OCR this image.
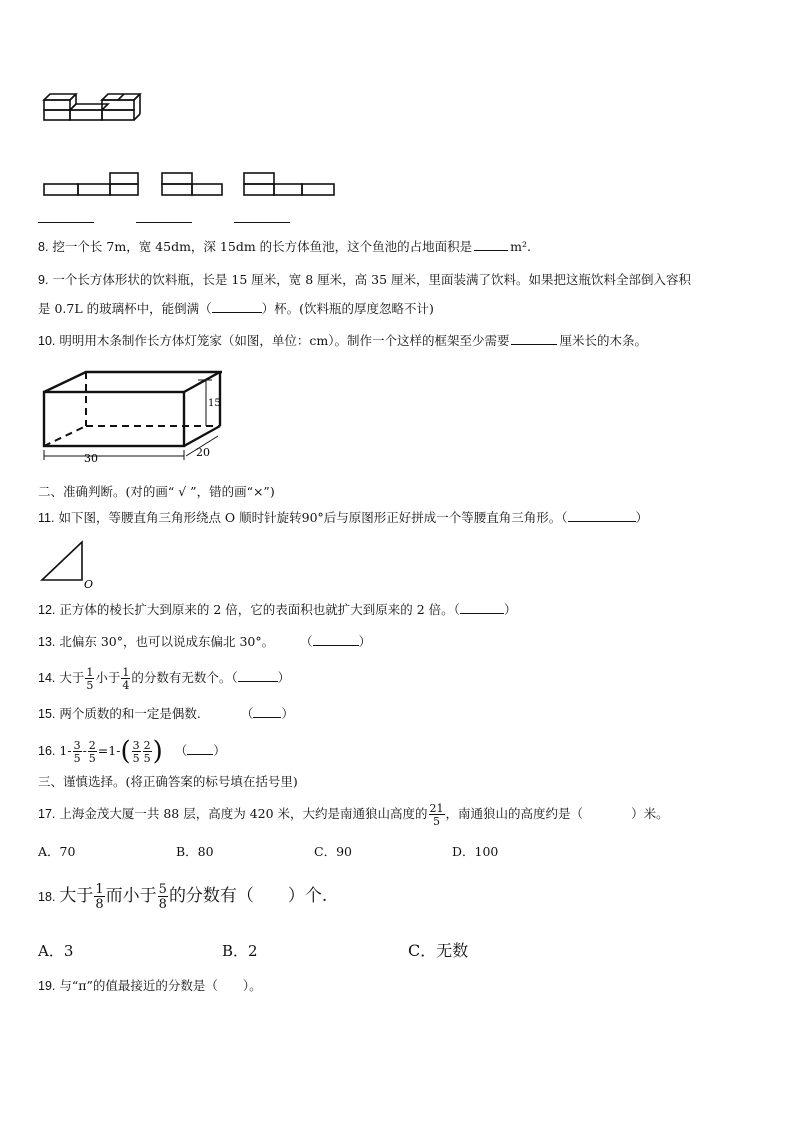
8. 挖一个长 7m，宽 45dm，深 15dm 的长方体鱼池，这个鱼池的占地面积是	m².
9. 一个长方体形状的饮料瓶，长是 15 厘米，宽 8 厘米，高 35 厘米，里面装满了饮料。如果把这瓶饮料全部倒入容积
是 0.7L 的玻璃杯中，能倒满（	）杯。(饮料瓶的厚度忽略不计)
10. 明明用木条制作长方体灯笼家（如图，单位：cm）。制作一个这样的框架至少需要	厘米长的木条。
15
30	20
二、准确判断。(对的画“ √ ”，错的画“×”)
11. 如下图，等腰直角三角形绕点 O 顺时针旋转90°后与原图形正好拼成一个等腰直角三角形。（	）
O
12. 正方体的棱长扩大到原来的 2 倍，它的表面积也就扩大到原来的 2 倍。（	）
13. 北偏东 30°，也可以说成东偏北 30°。 （	）
14. 大于 $\frac{1}{5}$ 小于 $\frac{1}{4}$ 的分数有无数个。（	）
15. 两个质数的和一定是偶数.	（ ）
16. $1- \frac{3}{5} - \frac{2}{5} =1-( \frac{3}{5} \frac{2}{5}$ ) （ ）
三、谨慎选择。(将正确答案的标号填在括号里)
17. 上海金茂大厦一共 88 层，高度为 420 米，大约是南通狼山高度的 $\frac{21}{5}$ ，南通狼山的高度约是（	）米。
A．70	B．80	C．90	D．100
18. 大于 $\frac{1}{8}$ 而小于 $\frac{5}{8}$ 的分数有（　　）个.
A．3	B．2	C．无数
19. 与“π”的值最接近的分数是（　　）。
